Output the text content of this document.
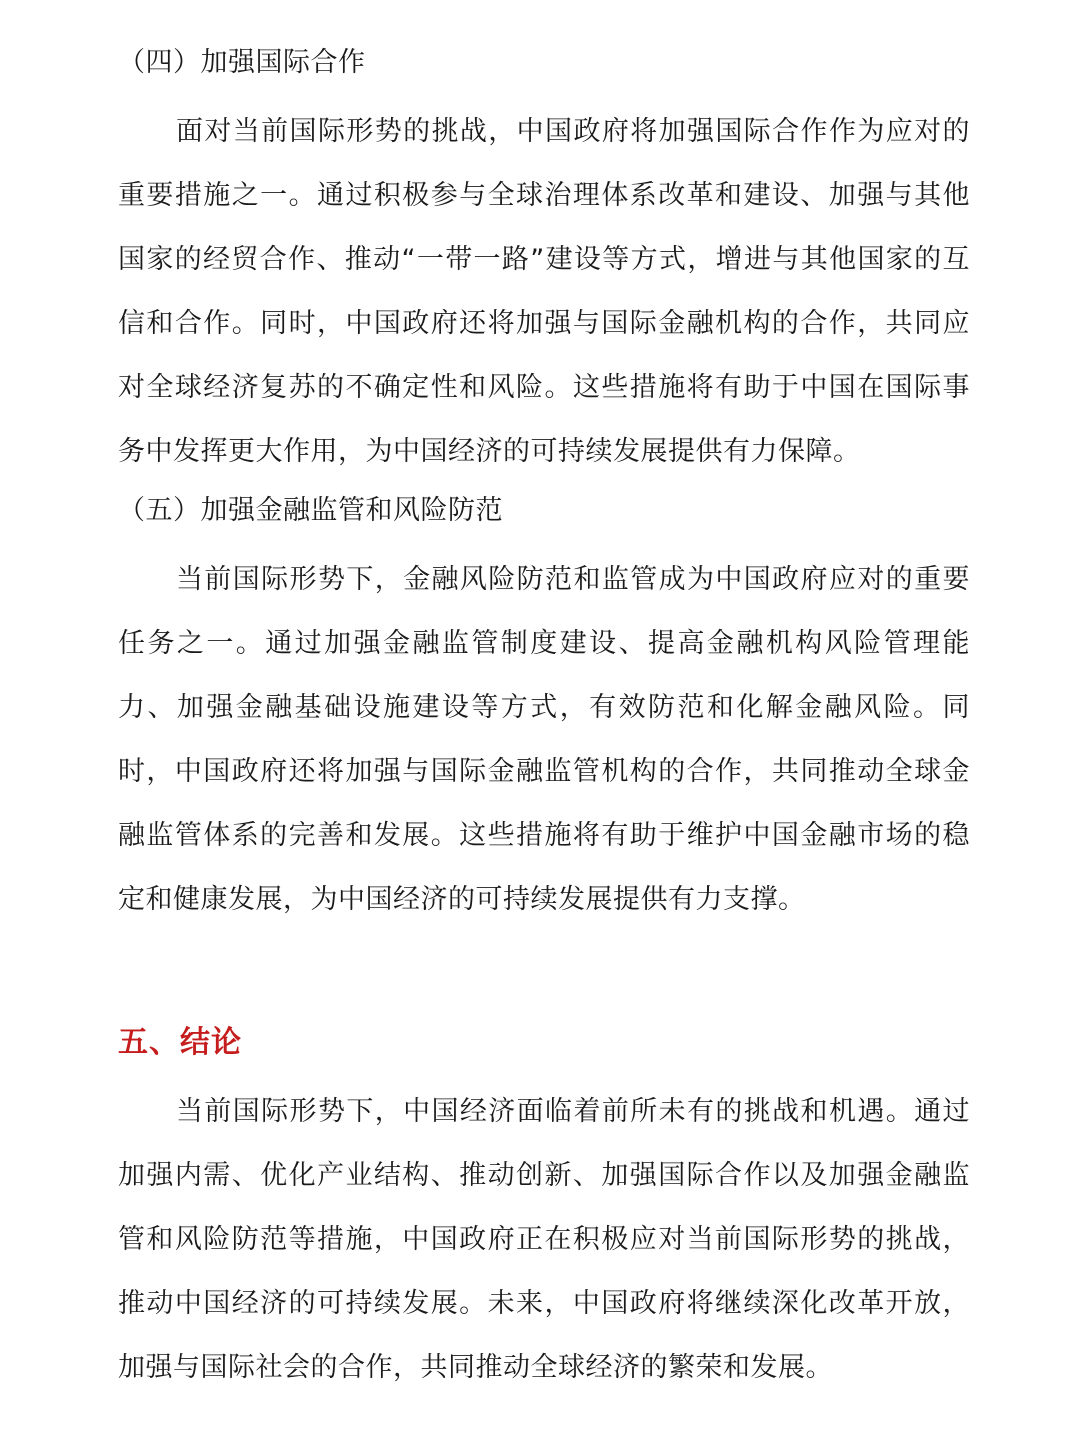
（四）加强国际合作

面对当前国际形势的挑战，中国政府将加强国际合作作为应对的重要措施之一。通过积极参与全球治理体系改革和建设、加强与其他国家的经贸合作、推动“一带一路”建设等方式，增进与其他国家的互信和合作。同时，中国政府还将加强与国际金融机构的合作，共同应对全球经济复苏的不确定性和风险。这些措施将有助于中国在国际事务中发挥更大作用，为中国经济的可持续发展提供有力保障。

（五）加强金融监管和风险防范

当前国际形势下，金融风险防范和监管成为中国政府应对的重要任务之一。通过加强金融监管制度建设、提高金融机构风险管理能力、加强金融基础设施建设等方式，有效防范和化解金融风险。同时，中国政府还将加强与国际金融监管机构的合作，共同推动全球金融监管体系的完善和发展。这些措施将有助于维护中国金融市场的稳定和健康发展，为中国经济的可持续发展提供有力支撑。

五、结论

当前国际形势下，中国经济面临着前所未有的挑战和机遇。通过加强内需、优化产业结构、推动创新、加强国际合作以及加强金融监管和风险防范等措施，中国政府正在积极应对当前国际形势的挑战，推动中国经济的可持续发展。未来，中国政府将继续深化改革开放，加强与国际社会的合作，共同推动全球经济的繁荣和发展。
